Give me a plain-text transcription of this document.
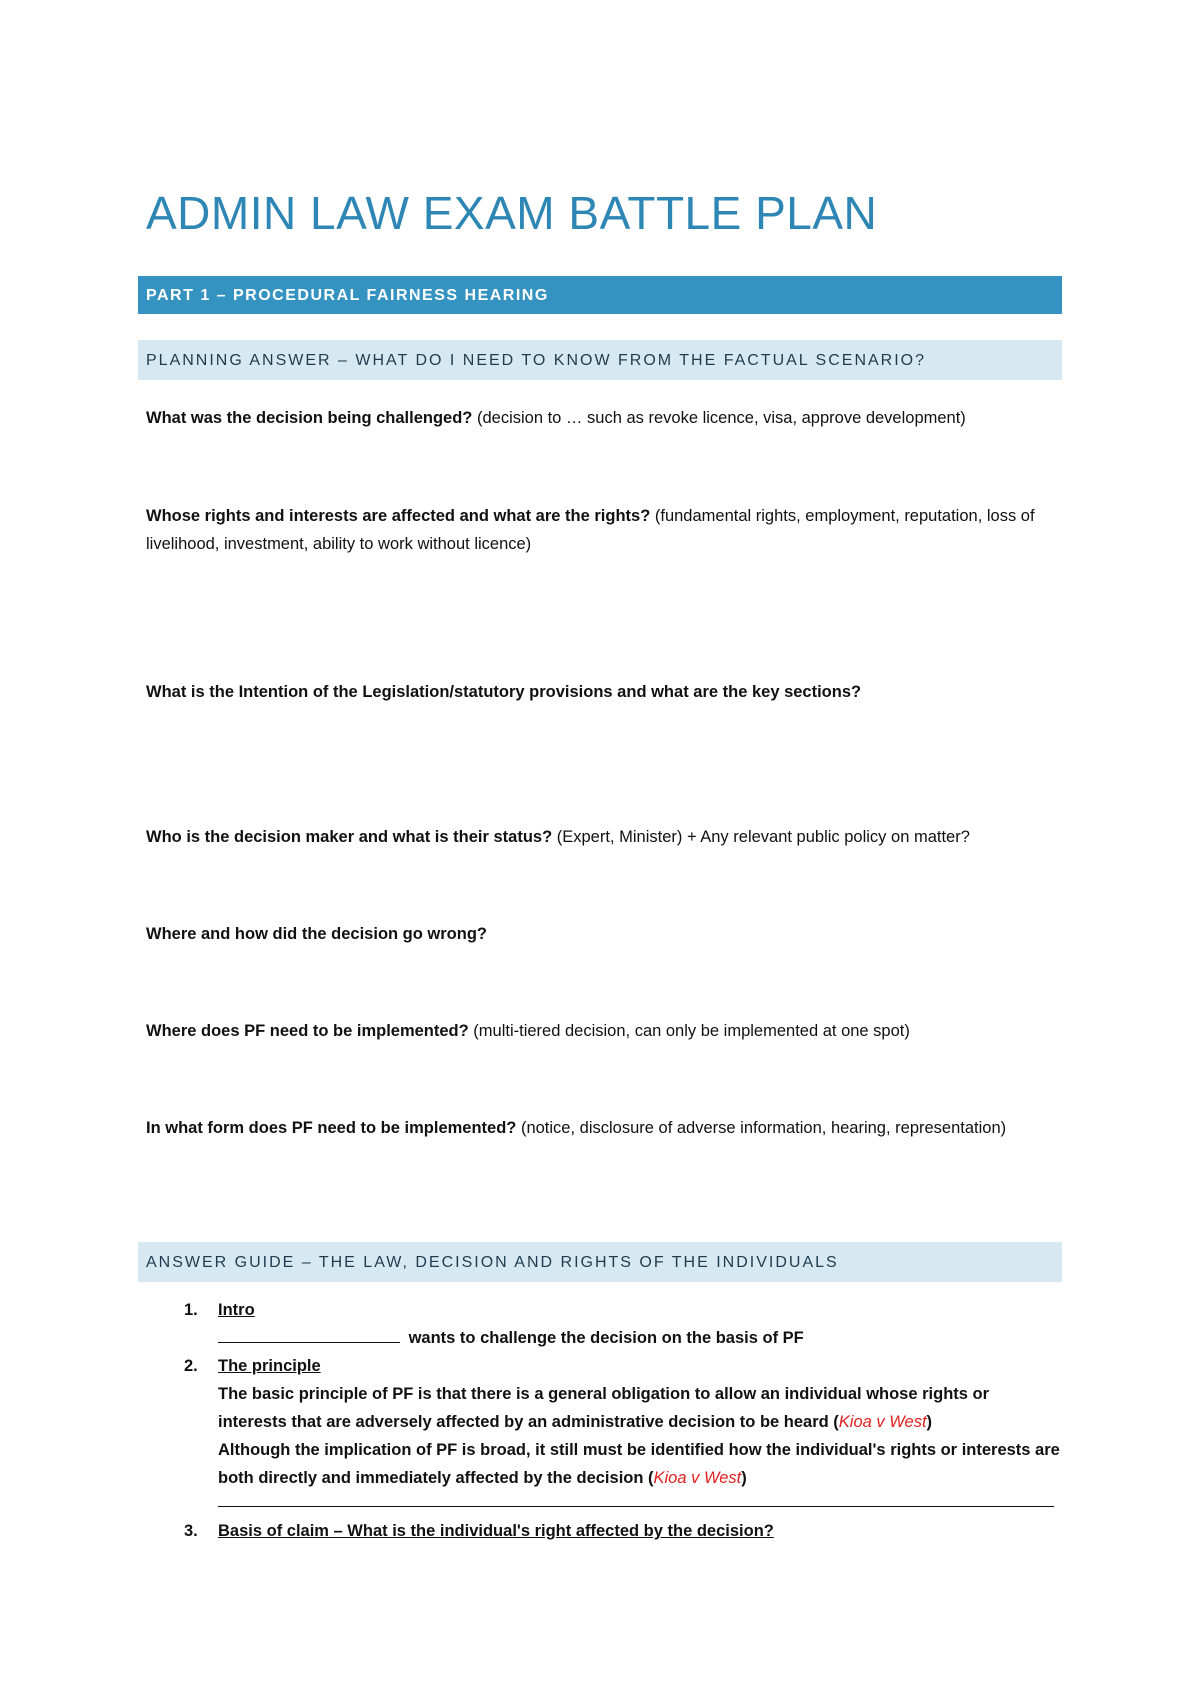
ADMIN LAW EXAM BATTLE PLAN
PART 1 – PROCEDURAL FAIRNESS HEARING
PLANNING ANSWER – WHAT DO I NEED TO KNOW FROM THE FACTUAL SCENARIO?

What was the decision being challenged? (decision to … such as revoke licence, visa, approve development)

Whose rights and interests are affected and what are the rights? (fundamental rights, employment, reputation, loss of livelihood, investment, ability to work without licence)

What is the Intention of the Legislation/statutory provisions and what are the key sections?

Who is the decision maker and what is their status? (Expert, Minister) + Any relevant public policy on matter?

Where and how did the decision go wrong?

Where does PF need to be implemented? (multi-tiered decision, can only be implemented at one spot)

In what form does PF need to be implemented? (notice, disclosure of adverse information, hearing, representation)

ANSWER GUIDE – THE LAW, DECISION AND RIGHTS OF THE INDIVIDUALS
1. Intro
wants to challenge the decision on the basis of PF
2. The principle
The basic principle of PF is that there is a general obligation to allow an individual whose rights or interests that are adversely affected by an administrative decision to be heard (Kioa v West)
Although the implication of PF is broad, it still must be identified how the individual's rights or interests are both directly and immediately affected by the decision (Kioa v West)
3. Basis of claim – What is the individual's right affected by the decision?
